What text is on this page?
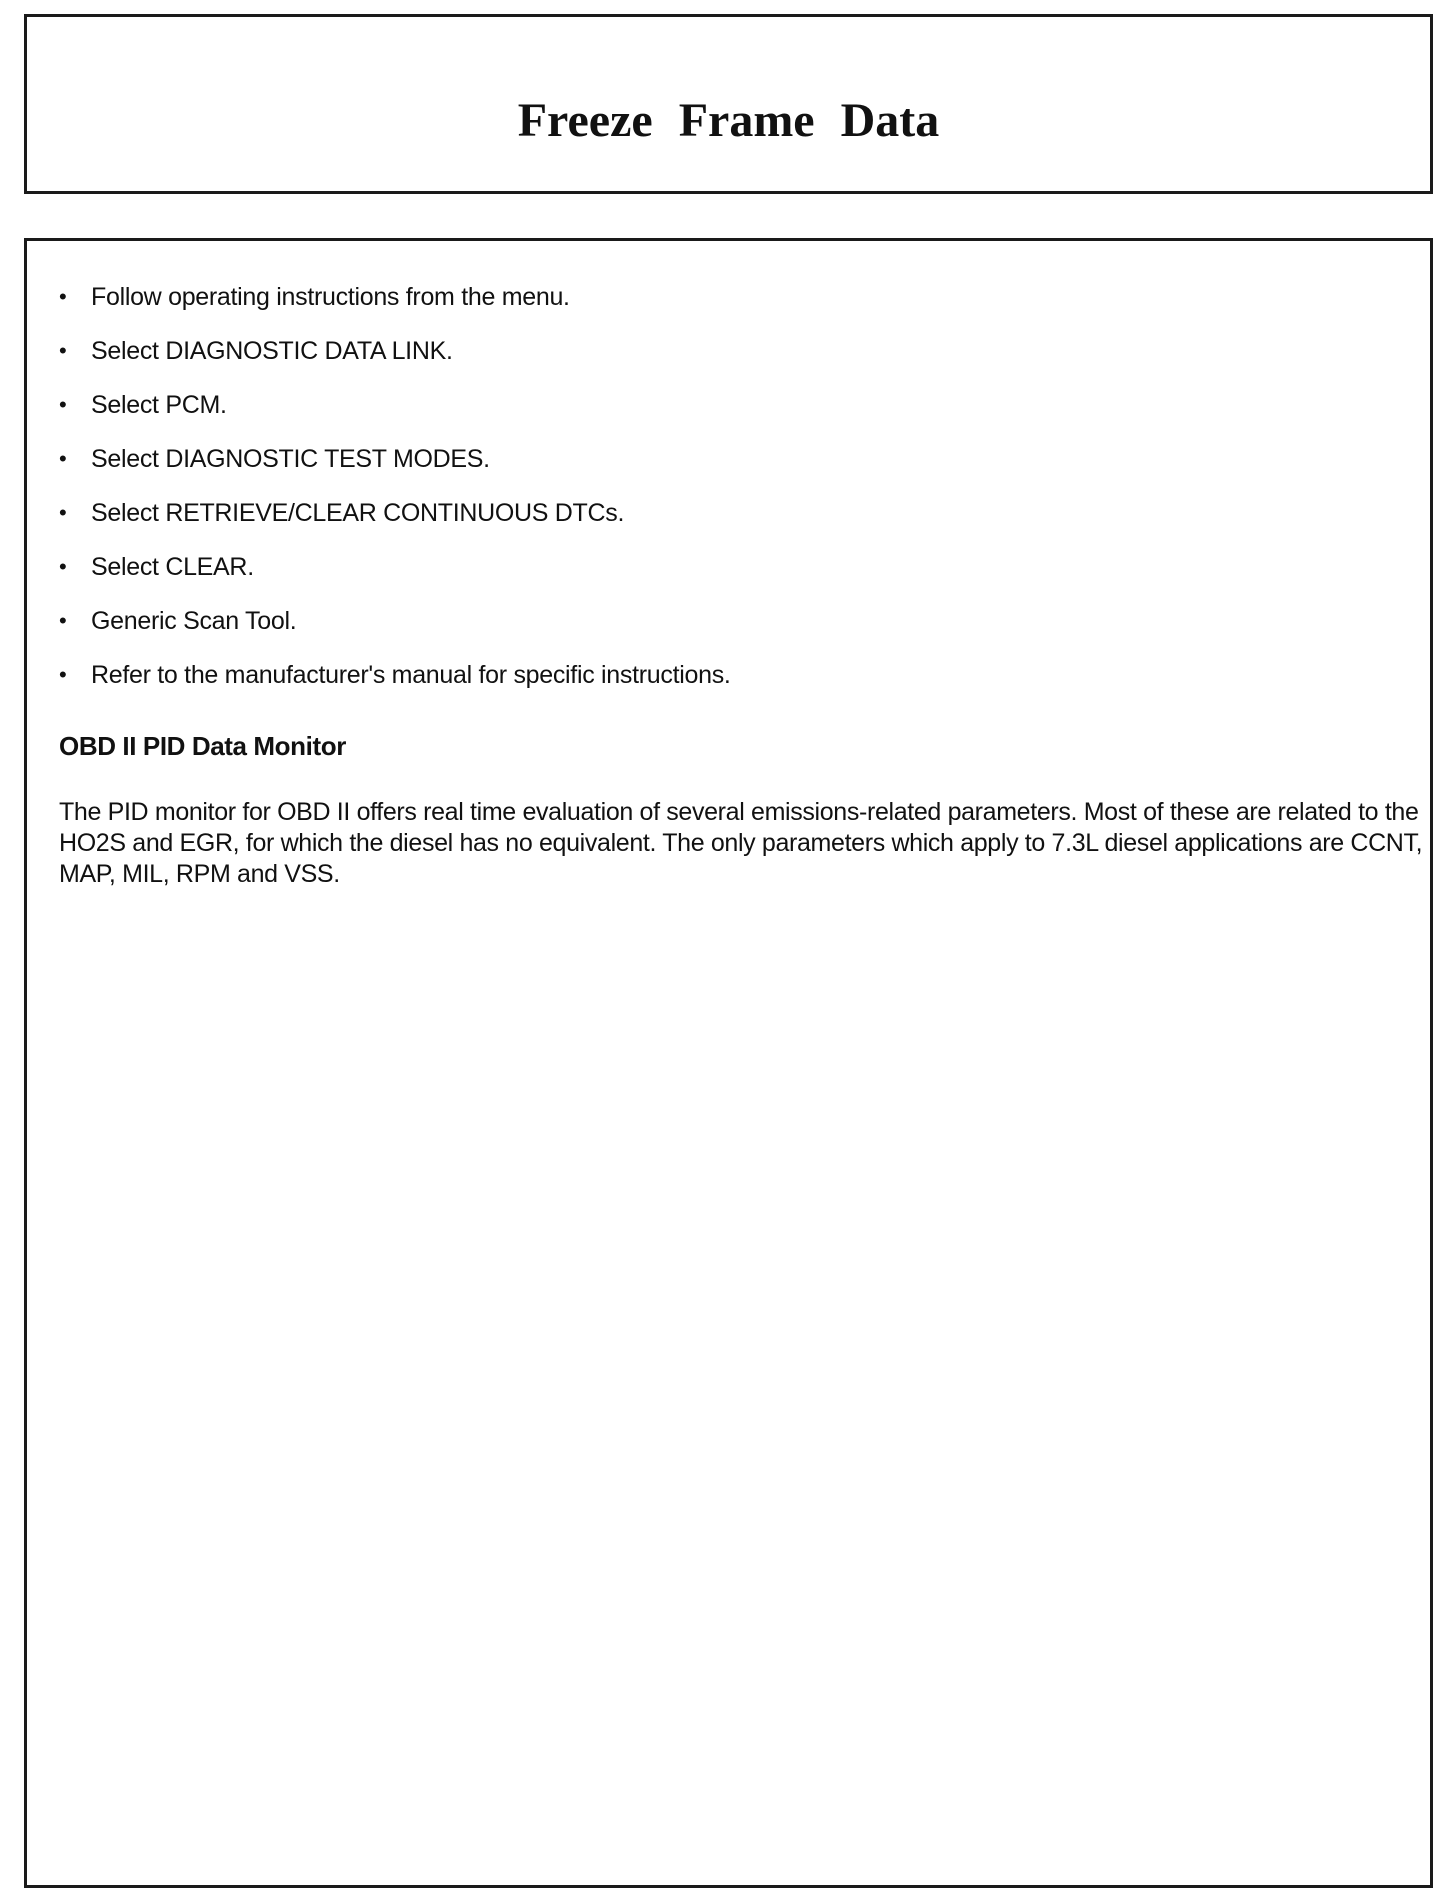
Freeze Frame Data
• Follow operating instructions from the menu.
• Select DIAGNOSTIC DATA LINK.
• Select PCM.
• Select DIAGNOSTIC TEST MODES.
• Select RETRIEVE/CLEAR CONTINUOUS DTCs.
• Select CLEAR.
• Generic Scan Tool.
• Refer to the manufacturer's manual for specific instructions.
OBD II PID Data Monitor

The PID monitor for OBD II offers real time evaluation of several emissions-related parameters. Most of these are related to the HO2S and EGR, for which the diesel has no equivalent. The only parameters which apply to 7.3L diesel applications are CCNT, MAP, MIL, RPM and VSS.
